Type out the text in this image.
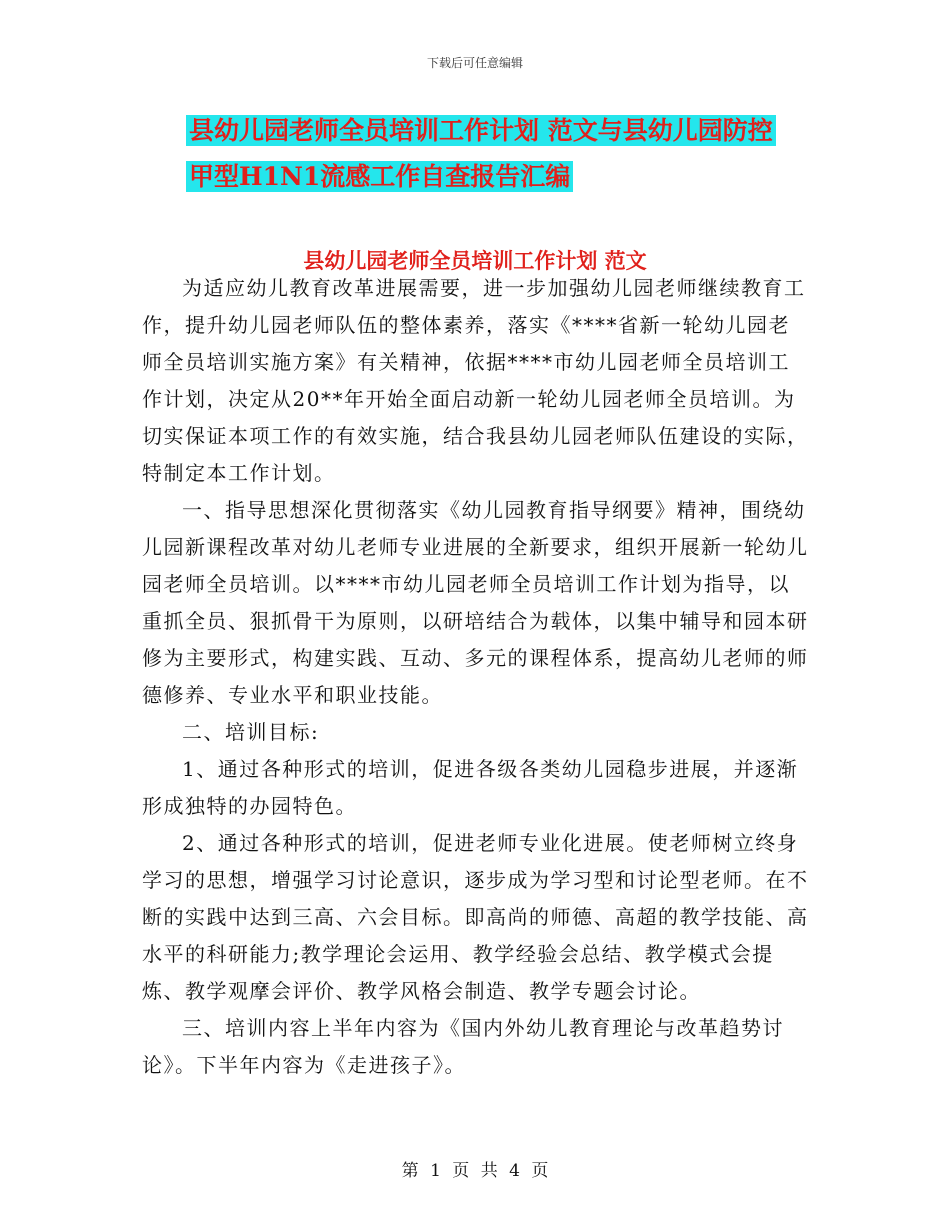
下载后可任意编辑
县幼儿园老师全员培训工作计划 范文与县幼儿园防控
甲型H1N1流感工作自查报告汇编
县幼儿园老师全员培训工作计划 范文

为适应幼儿教育改革进展需要，进一步加强幼儿园老师继续教育工作，提升幼儿园老师队伍的整体素养，落实《****省新一轮幼儿园老师全员培训实施方案》有关精神，依据****市幼儿园老师全员培训工作计划，决定从20**年开始全面启动新一轮幼儿园老师全员培训。为切实保证本项工作的有效实施，结合我县幼儿园老师队伍建设的实际，特制定本工作计划。

一、指导思想深化贯彻落实《幼儿园教育指导纲要》精神，围绕幼儿园新课程改革对幼儿老师专业进展的全新要求，组织开展新一轮幼儿园老师全员培训。以****市幼儿园老师全员培训工作计划为指导，以重抓全员、狠抓骨干为原则，以研培结合为载体，以集中辅导和园本研修为主要形式，构建实践、互动、多元的课程体系，提高幼儿老师的师德修养、专业水平和职业技能。

二、培训目标:

1、通过各种形式的培训，促进各级各类幼儿园稳步进展，并逐渐形成独特的办园特色。

2、通过各种形式的培训，促进老师专业化进展。使老师树立终身学习的思想，增强学习讨论意识，逐步成为学习型和讨论型老师。在不断的实践中达到三高、六会目标。即高尚的师德、高超的教学技能、高水平的科研能力;教学理论会运用、教学经验会总结、教学模式会提炼、教学观摩会评价、教学风格会制造、教学专题会讨论。

三、培训内容上半年内容为《国内外幼儿教育理论与改革趋势讨论》。下半年内容为《走进孩子》。

第 1 页 共 4 页
